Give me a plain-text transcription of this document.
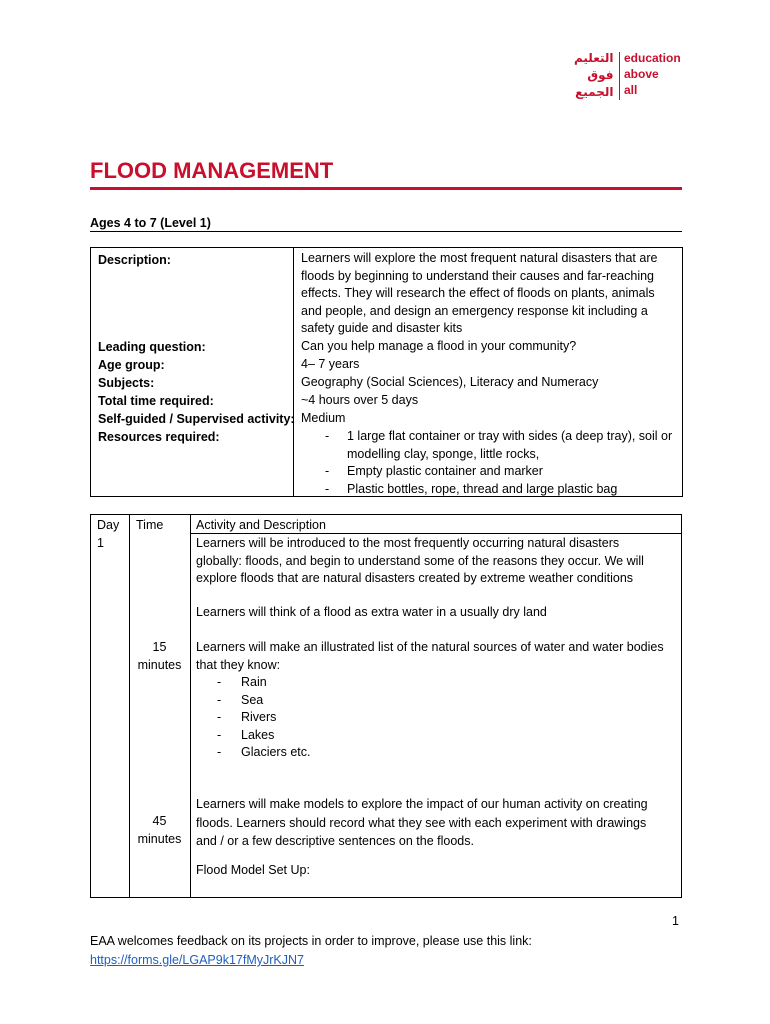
التعليم
فوق
الجميع
education
above
all
FLOOD MANAGEMENT
Ages 4 to 7 (Level 1)
Description:	Learners will explore the most frequent natural disasters that are floods by beginning to understand their causes and far-reaching effects. They will research the effect of floods on plants, animals and people, and design an emergency response kit including a safety guide and disaster kits
Leading question:	Can you help manage a flood in your community?
Age group:	4– 7 years
Subjects:	Geography (Social Sciences), Literacy and Numeracy
Total time required:	~4 hours over 5 days
Self-guided / Supervised activity: Medium
Resources required:
-	1 large flat container or tray with sides (a deep tray), soil or modelling clay, sponge, little rocks,
- Empty plastic container and marker
- Plastic bottles, rope, thread and large plastic bag
Day Time	Activity and Description
1	Learners will be introduced to the most frequently occurring natural disasters globally: floods, and begin to understand some of the reasons they occur. We will explore floods that are natural disasters created by extreme weather conditions
Learners will think of a flood as extra water in a usually dry land
15
minutes
Learners will make an illustrated list of the natural sources of water and water bodies that they know:
- Rain
- Sea
- Rivers
- Lakes
- Glaciers etc.
45
minutes
Learners will make models to explore the impact of our human activity on creating floods. Learners should record what they see with each experiment with drawings and / or a few descriptive sentences on the floods.
Flood Model Set Up:
1
EAA welcomes feedback on its projects in order to improve, please use this link:
https://forms.gle/LGAP9k17fMyJrKJN7
